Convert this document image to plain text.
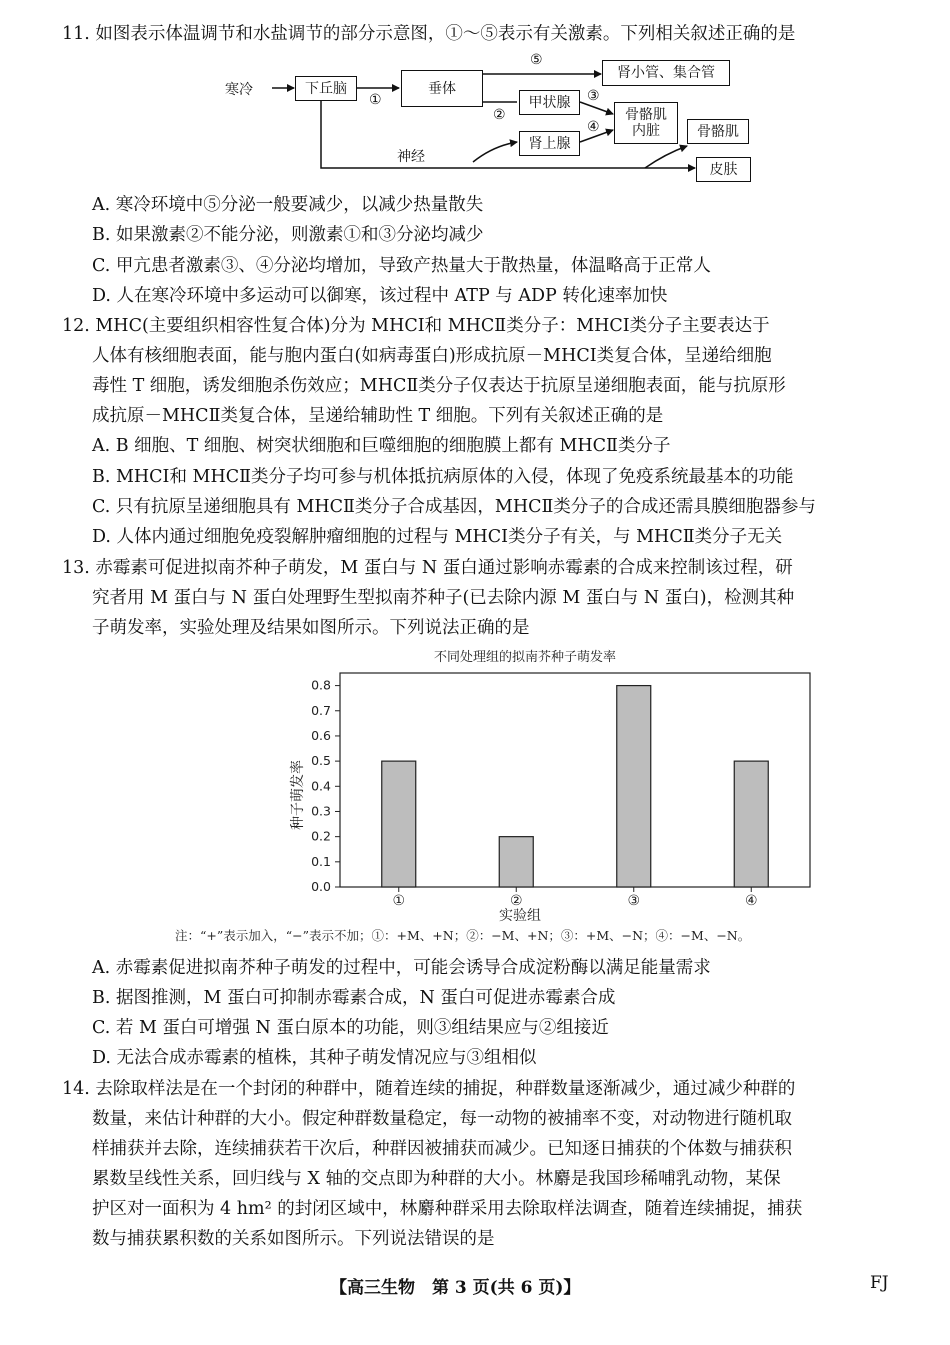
11. 如图表示体温调节和水盐调节的部分示意图，①～⑤表示有关激素。下列相关叙述正确的是
寒冷	下丘脑	垂体
肾小管、集合管
甲状腺
肾上腺
骨骼肌
内脏	骨骼肌
皮肤
神经
①
②
③
④
⑤
A. 寒冷环境中⑤分泌一般要减少，以减少热量散失
B. 如果激素②不能分泌，则激素①和③分泌均减少
C. 甲亢患者激素③、④分泌均增加，导致产热量大于散热量，体温略高于正常人
D. 人在寒冷环境中多运动可以御寒，该过程中 ATP 与 ADP 转化速率加快
12. MHC(主要组织相容性复合体)分为 MHCⅠ和 MHCⅡ类分子：MHCⅠ类分子主要表达于
人体有核细胞表面，能与胞内蛋白(如病毒蛋白)形成抗原－MHCⅠ类复合体，呈递给细胞
毒性 T 细胞，诱发细胞杀伤效应；MHCⅡ类分子仅表达于抗原呈递细胞表面，能与抗原形
成抗原－MHCⅡ类复合体，呈递给辅助性 T 细胞。下列有关叙述正确的是
A. B 细胞、T 细胞、树突状细胞和巨噬细胞的细胞膜上都有 MHCⅡ类分子
B. MHCⅠ和 MHCⅡ类分子均可参与机体抵抗病原体的入侵，体现了免疫系统最基本的功能
C. 只有抗原呈递细胞具有 MHCⅡ类分子合成基因，MHCⅡ类分子的合成还需具膜细胞器参与
D. 人体内通过细胞免疫裂解肿瘤细胞的过程与 MHCⅠ类分子有关，与 MHCⅡ类分子无关
13. 赤霉素可促进拟南芥种子萌发，M 蛋白与 N 蛋白通过影响赤霉素的合成来控制该过程，研
究者用 M 蛋白与 N 蛋白处理野生型拟南芥种子(已去除内源 M 蛋白与 N 蛋白)，检测其种
子萌发率，实验处理及结果如图所示。下列说法正确的是
不同处理组的拟南芥种子萌发率
种子萌发率
实验组
0.0
0.1
0.2
0.3
0.4
0.5
0.6
0.7
0.8
①	②	③	④
注：“+”表示加入，“−”表示不加；①：+M、+N；②：−M、+N；③：+M、−N；④：−M、−N。
A. 赤霉素促进拟南芥种子萌发的过程中，可能会诱导合成淀粉酶以满足能量需求
B. 据图推测，M 蛋白可抑制赤霉素合成，N 蛋白可促进赤霉素合成
C. 若 M 蛋白可增强 N 蛋白原本的功能，则③组结果应与②组接近
D. 无法合成赤霉素的植株，其种子萌发情况应与③组相似
14. 去除取样法是在一个封闭的种群中，随着连续的捕捉，种群数量逐渐减少，通过减少种群的
数量，来估计种群的大小。假定种群数量稳定，每一动物的被捕率不变，对动物进行随机取
样捕获并去除，连续捕获若干次后，种群因被捕获而减少。已知逐日捕获的个体数与捕获积
累数呈线性关系，回归线与 X 轴的交点即为种群的大小。林麝是我国珍稀哺乳动物，某保
护区对一面积为 4 hm² 的封闭区域中，林麝种群采用去除取样法调查，随着连续捕捉，捕获
数与捕获累积数的关系如图所示。下列说法错误的是
【高三生物　第 3 页(共 6 页)】	FJ
